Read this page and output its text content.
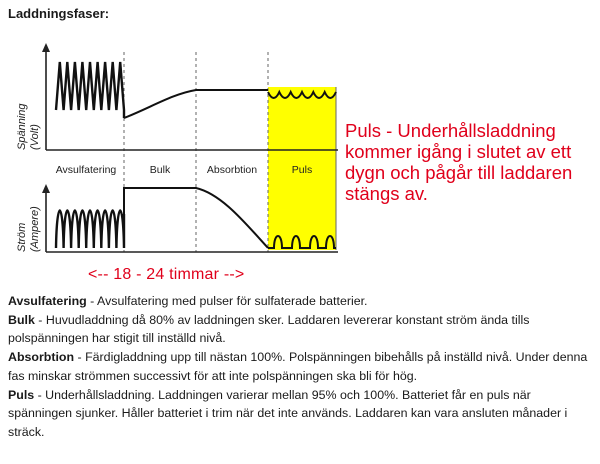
Laddningsfaser:
Avsulfatering	Bulk	Absorbtion	Puls
Spänning (Volt)
Ström (Ampere)
Puls - Underhållsladdning kommer igång i slutet av ett dygn och pågår till laddaren stängs av.
<-- 18 - 24 timmar -->

Avsulfatering - Avsulfatering med pulser för sulfaterade batterier.

Bulk - Huvudladdning då 80% av laddningen sker. Laddaren levererar konstant ström ända tills polspänningen har stigit till inställd nivå.

Absorbtion - Färdigladdning upp till nästan 100%. Polspänningen bibehålls på inställd nivå. Under denna fas minskar strömmen successivt för att inte polspänningen ska bli för hög.

Puls - Underhållsladdning. Laddningen varierar mellan 95% och 100%. Batteriet får en puls när spänningen sjunker. Håller batteriet i trim när det inte används. Laddaren kan vara ansluten månader i sträck.
